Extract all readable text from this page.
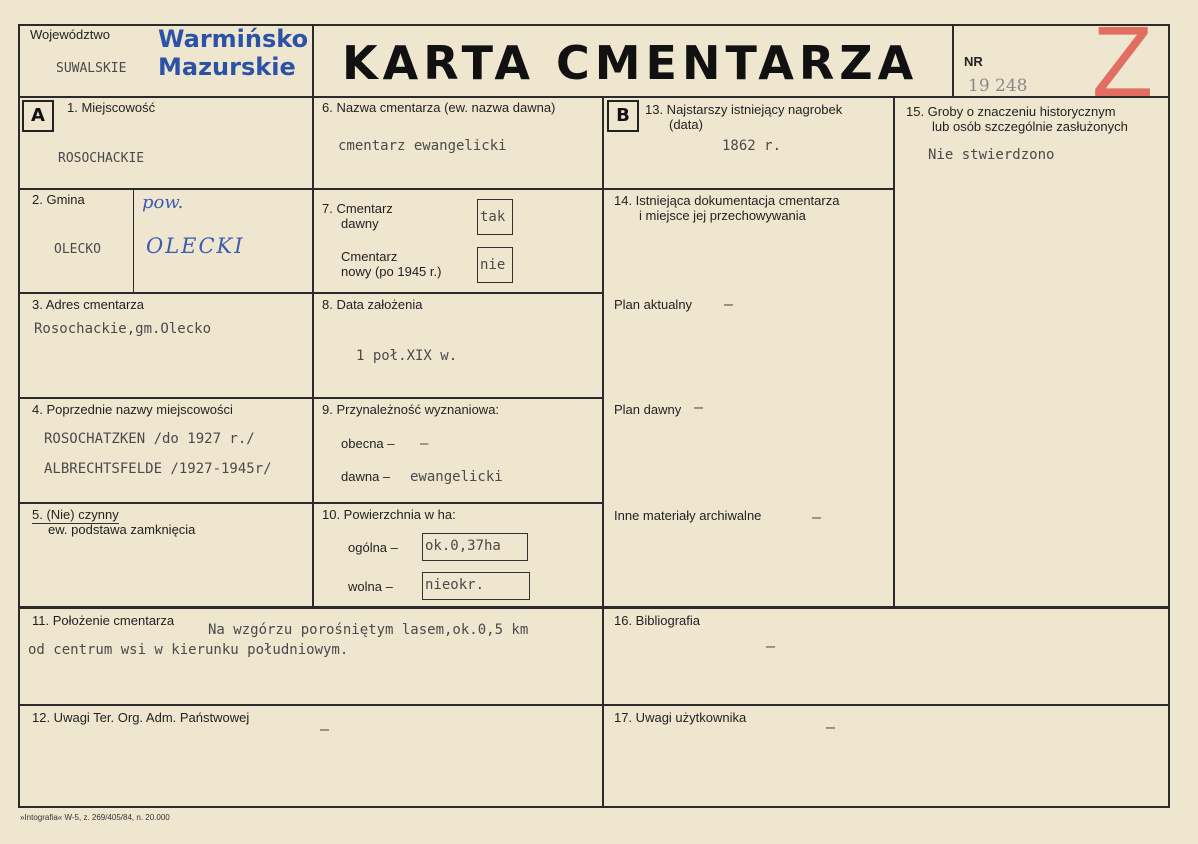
Województwo
SUWALSKIE
Warmińsko
Mazurskie KARTA CMENTARZA	NR
19 248 Z
A	B
1. Miejscowość
ROSOCHACKIE
2. Gmina
OLECKO
pow.
OLECKI
3. Adres cmentarza
Rosochackie,gm.Olecko
4. Poprzednie nazwy miejscowości
ROSOCHATZKEN /do 1927 r./
ALBRECHTSFELDE /1927-1945r/
5. (Nie) czynny
ew. podstawa zamknięcia
6. Nazwa cmentarza (ew. nazwa dawna)
cmentarz ewangelicki
7. Cmentarz
dawny	tak
Cmentarz
nowy (po 1945 r.)	nie
8. Data założenia
1 poł.XIX w.
9. Przynależność wyznaniowa:
obecna – –
dawna – ewangelicki
10. Powierzchnia w ha:
ogólna – ok.0,37ha
wolna – nieokr.
11. Położenie cmentarza
Na wzgórzu porośniętym lasem,ok.0,5 km
od centrum wsi w kierunku południowym.
12. Uwagi Ter. Org. Adm. Państwowej
–
13. Najstarszy istniejący nagrobek
(data)
1862 r.
14. Istniejąca dokumentacja cmentarza
i miejsce jej przechowywania
Plan aktualny –
Plan dawny –
Inne materiały archiwalne	–
15. Groby o znaczeniu historycznym
lub osób szczególnie zasłużonych
Nie stwierdzono
16. Bibliografia
–
17. Uwagi użytkownika
–
»Intografia« W-5, z. 269/405/84, n. 20.000
